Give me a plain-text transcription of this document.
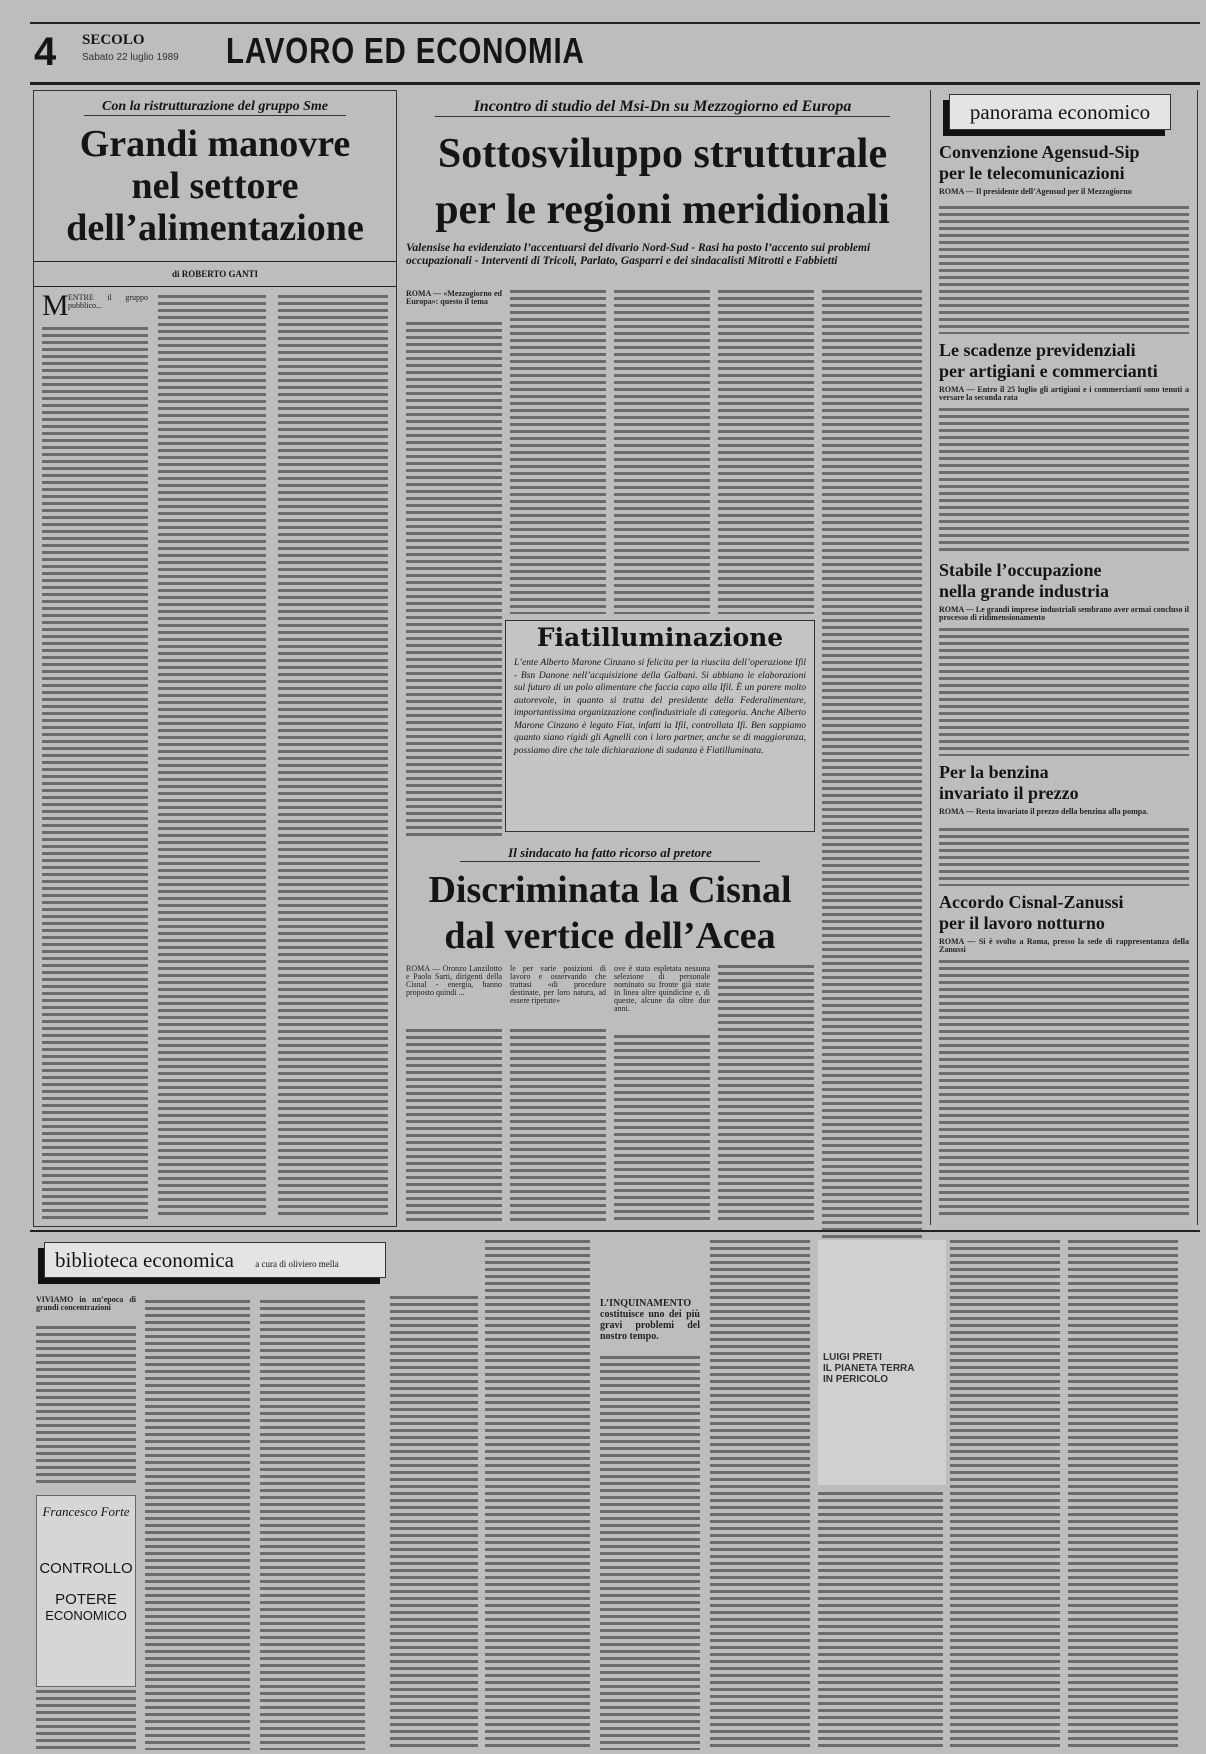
4 SECOLO
Sabato 22 luglio 1989 LAVORO ED ECONOMIA
Con la ristrutturazione del gruppo Sme

Grandi manovre

nel settore

dell’alimentazione

di ROBERTO GANTI
M ENTRE il gruppo pubblico...
Incontro di studio del Msi-Dn su Mezzogiorno ed Europa

Sottosviluppo strutturale

per le regioni meridionali

Valensise ha evidenziato l’accentuarsi del divario Nord-Sud - Rasi ha posto l’accento sui problemi occupazionali - Interventi di Tricoli, Parlato, Gasparri e dei sindacalisti Mitrotti e Fabbietti
ROMA — «Mezzogiorno ed Europa»: questo il tema
Fiatilluminazione
L’ente Alberto Marone Cinzano si felicita per la riuscita dell’operazione Ifil - Bsn Danone nell’acquisizione della Galbani. Si abbiano le elaborazioni sul futuro di un polo alimentare che faccia capo alla Ifil. È un parere molto autorevole, in quanto si tratta del presidente della Federalimentare, importantissima organizzazione confindustriale di categoria. Anche Alberto Marone Cinzano è legato Fiat, infatti la Ifil, controllata Ifi. Ben sappiamo quanto siano rigidi gli Agnelli con i loro partner, anche se di maggioranza, possiamo dire che tale dichiarazione di sudanza è Fiatilluminata.
Il sindacato ha fatto ricorso al pretore

Discriminata la Cisnal

dal vertice dell’Acea

ROMA — Oronzo Lanzilotto e Paolo Sarti, dirigenti della Cisnal - energia, hanno proposto quindi ...
le per varie posizioni di lavoro e osservando che trattasi «di procedure destinate, per loro natura, ad essere ripetute»
ove è stata espletata nessuna selezione di personale nominato su fronte già state in linea altre quindicine e, di queste, alcune da oltre due anni.
panorama economico
Convenzione Agensud-Sip
per le telecomunicazioni
ROMA — Il presidente dell’Agensud per il Mezzogiorno
Le scadenze previdenziali
per artigiani e commercianti
ROMA — Entro il 25 luglio gli artigiani e i commercianti sono tenuti a versare la seconda rata
Stabile l’occupazione
nella grande industria
ROMA — Le grandi imprese industriali sembrano aver ormai concluso il processo di ridimensionamento
Per la benzina
invariato il prezzo
ROMA — Resta invariato il prezzo della benzina alla pompa.
Accordo Cisnal-Zanussi
per il lavoro notturno
ROMA — Si è svolto a Roma, presso la sede di rappresentanza della Zanussi
biblioteca economica a cura di oliviero mella
VIVIAMO in un’epoca di grandi concentrazioni
Francesco Forte
CONTROLLO
POTERE
ECONOMICO
L’INQUINAMENTO costituisce uno dei più gravi problemi del nostro tempo.
LUIGI PRETI
IL PIANETA TERRA
IN PERICOLO
